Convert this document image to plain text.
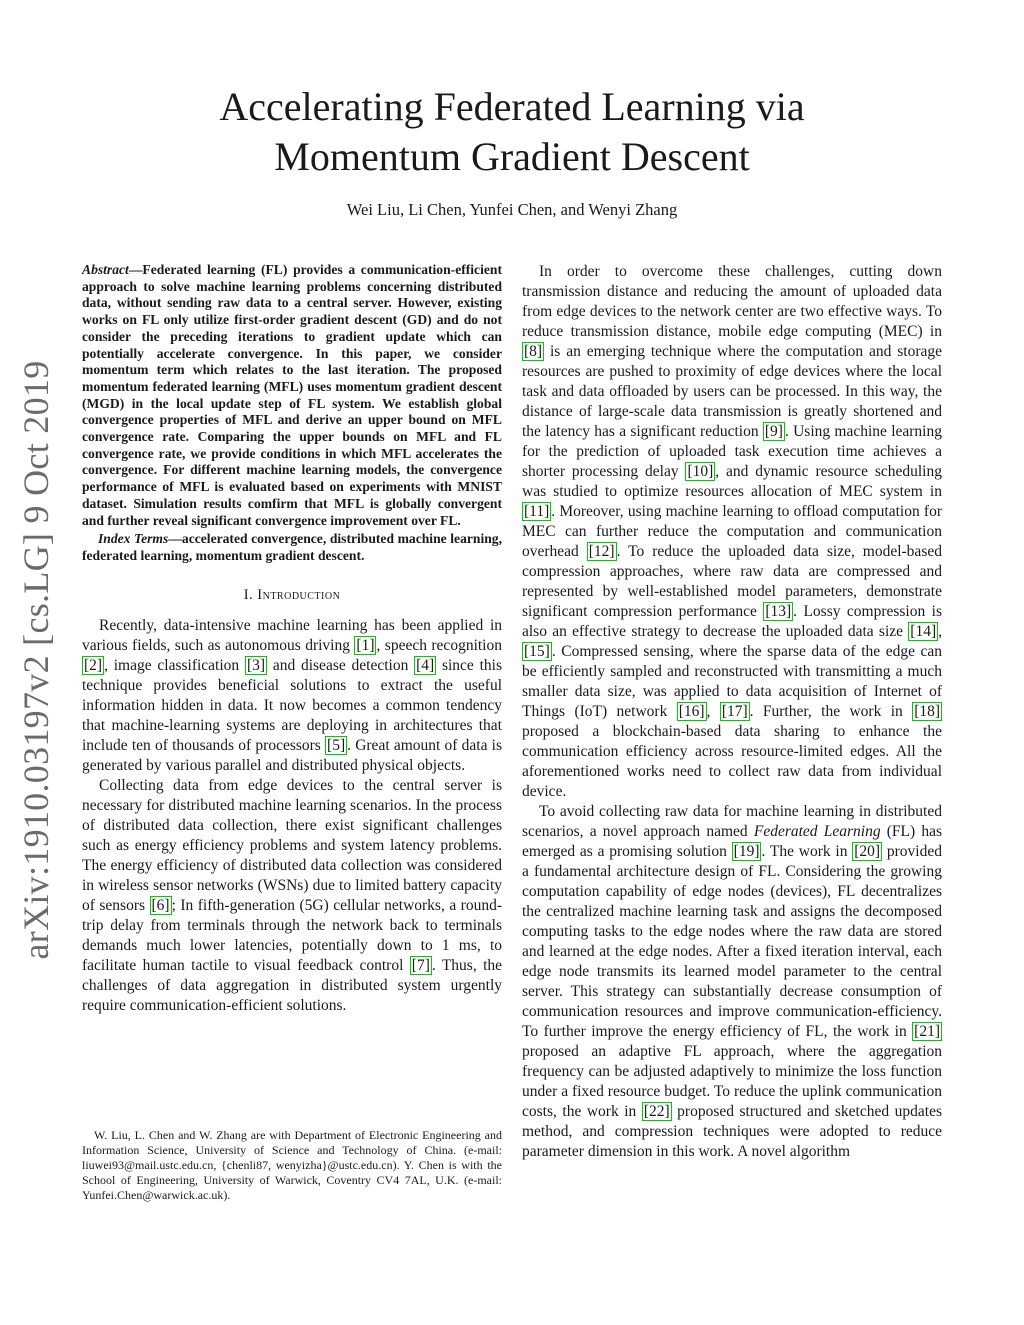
arXiv:1910.03197v2 [cs.LG] 9 Oct 2019
Accelerating Federated Learning via
Momentum Gradient Descent
Wei Liu, Li Chen, Yunfei Chen, and Wenyi Zhang

Abstract—Federated learning (FL) provides a communication-efficient approach to solve machine learning problems concerning distributed data, without sending raw data to a central server. However, existing works on FL only utilize first-order gradient descent (GD) and do not consider the preceding iterations to gradient update which can potentially accelerate convergence. In this paper, we consider momentum term which relates to the last iteration. The proposed momentum federated learning (MFL) uses momentum gradient descent (MGD) in the local update step of FL system. We establish global convergence properties of MFL and derive an upper bound on MFL convergence rate. Comparing the upper bounds on MFL and FL convergence rate, we provide conditions in which MFL accelerates the convergence. For different machine learning models, the convergence performance of MFL is evaluated based on experiments with MNIST dataset. Simulation results comfirm that MFL is globally convergent and further reveal significant convergence improvement over FL.

Index Terms—accelerated convergence, distributed machine learning, federated learning, momentum gradient descent.

I. Introduction

Recently, data-intensive machine learning has been applied in various fields, such as autonomous driving [1] , speech recognition [2] , image classification [3] and disease detection [4] since this technique provides beneficial solutions to extract the useful information hidden in data. It now becomes a common tendency that machine-learning systems are deploying in architectures that include ten of thousands of processors [5] . Great amount of data is generated by various parallel and distributed physical objects.

Collecting data from edge devices to the central server is necessary for distributed machine learning scenarios. In the process of distributed data collection, there exist significant challenges such as energy efficiency problems and system latency problems. The energy efficiency of distributed data collection was considered in wireless sensor networks (WSNs) due to limited battery capacity of sensors [6] ; In fifth-generation (5G) cellular networks, a round-trip delay from terminals through the network back to terminals demands much lower latencies, potentially down to 1 ms, to facilitate human tactile to visual feedback control [7] . Thus, the challenges of data aggregation in distributed system urgently require communication-efficient solutions.

W. Liu, L. Chen and W. Zhang are with Department of Electronic Engineering and Information Science, University of Science and Technology of China. (e-mail: liuwei93@mail.ustc.edu.cn, {chenli87, wenyizha}@ustc.edu.cn). Y. Chen is with the School of Engineering, University of Warwick, Coventry CV4 7AL, U.K. (e-mail: Yunfei.Chen@warwick.ac.uk).

In order to overcome these challenges, cutting down transmission distance and reducing the amount of uploaded data from edge devices to the network center are two effective ways. To reduce transmission distance, mobile edge computing (MEC) in [8] is an emerging technique where the computation and storage resources are pushed to proximity of edge devices where the local task and data offloaded by users can be processed. In this way, the distance of large-scale data transmission is greatly shortened and the latency has a significant reduction [9] . Using machine learning for the prediction of uploaded task execution time achieves a shorter processing delay [10] , and dynamic resource scheduling was studied to optimize resources allocation of MEC system in [11] . Moreover, using machine learning to offload computation for MEC can further reduce the computation and communication overhead [12] . To reduce the uploaded data size, model-based compression approaches, where raw data are compressed and represented by well-established model parameters, demonstrate significant compression performance [13] . Lossy compression is also an effective strategy to decrease the uploaded data size [14] , [15] . Compressed sensing, where the sparse data of the edge can be efficiently sampled and reconstructed with transmitting a much smaller data size, was applied to data acquisition of Internet of Things (IoT) network [16] , [17] . Further, the work in [18] proposed a blockchain-based data sharing to enhance the communication efficiency across resource-limited edges. All the aforementioned works need to collect raw data from individual device.

To avoid collecting raw data for machine learning in distributed scenarios, a novel approach named Federated Learning (FL) has emerged as a promising solution [19] . The work in [20] provided a fundamental architecture design of FL. Considering the growing computation capability of edge nodes (devices), FL decentralizes the centralized machine learning task and assigns the decomposed computing tasks to the edge nodes where the raw data are stored and learned at the edge nodes. After a fixed iteration interval, each edge node transmits its learned model parameter to the central server. This strategy can substantially decrease consumption of communication resources and improve communication-efficiency. To further improve the energy efficiency of FL, the work in [21] proposed an adaptive FL approach, where the aggregation frequency can be adjusted adaptively to minimize the loss function under a fixed resource budget. To reduce the uplink communication costs, the work in [22] proposed structured and sketched updates method, and compression techniques were adopted to reduce parameter dimension in this work. A novel algorithm
